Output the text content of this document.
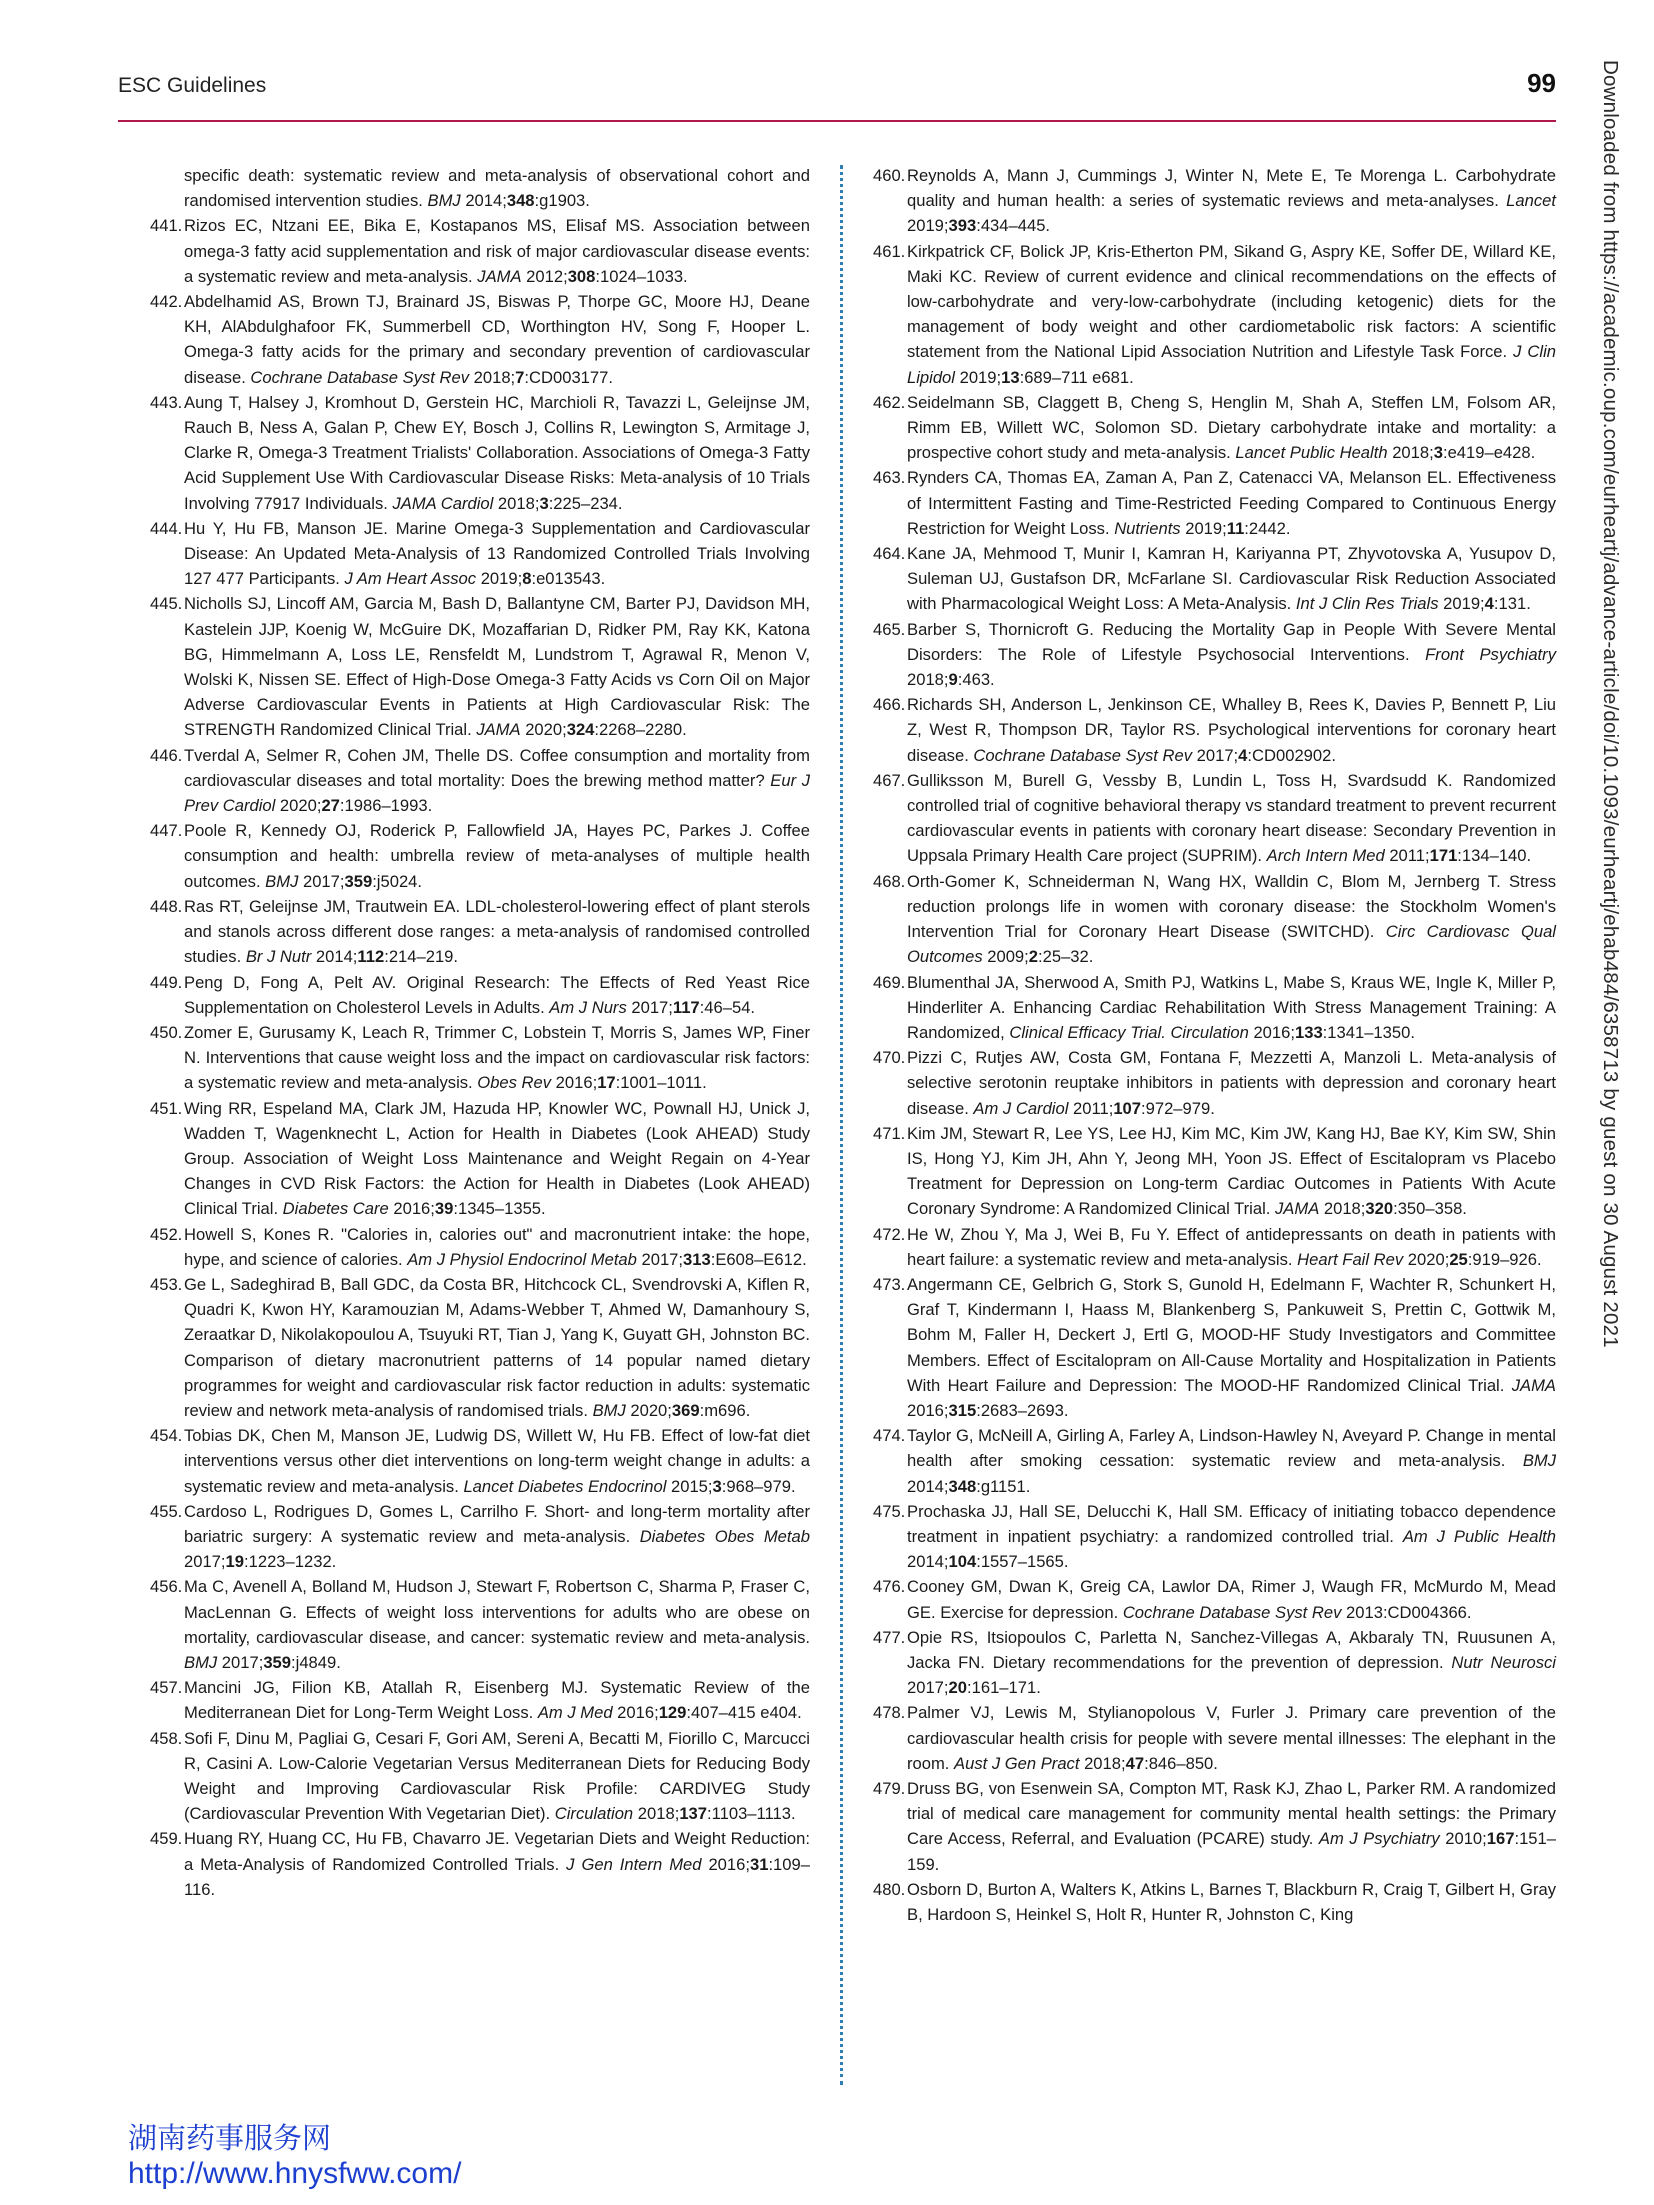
ESC Guidelines	99
specific death: systematic review and meta-analysis of observational cohort and randomised intervention studies. BMJ 2014;348:g1903.
441. Rizos EC, Ntzani EE, Bika E, Kostapanos MS, Elisaf MS. Association between omega-3 fatty acid supplementation and risk of major cardiovascular disease events: a systematic review and meta-analysis. JAMA 2012;308:1024–1033.
442. Abdelhamid AS, Brown TJ, Brainard JS, Biswas P, Thorpe GC, Moore HJ, Deane KH, AlAbdulghafoor FK, Summerbell CD, Worthington HV, Song F, Hooper L. Omega-3 fatty acids for the primary and secondary prevention of cardiovascular disease. Cochrane Database Syst Rev 2018;7:CD003177.
443. Aung T, Halsey J, Kromhout D, Gerstein HC, Marchioli R, Tavazzi L, Geleijnse JM, Rauch B, Ness A, Galan P, Chew EY, Bosch J, Collins R, Lewington S, Armitage J, Clarke R, Omega-3 Treatment Trialists' Collaboration. Associations of Omega-3 Fatty Acid Supplement Use With Cardiovascular Disease Risks: Meta-analysis of 10 Trials Involving 77917 Individuals. JAMA Cardiol 2018;3:225–234.
444. Hu Y, Hu FB, Manson JE. Marine Omega-3 Supplementation and Cardiovascular Disease: An Updated Meta-Analysis of 13 Randomized Controlled Trials Involving 127 477 Participants. J Am Heart Assoc 2019;8:e013543.
445. Nicholls SJ, Lincoff AM, Garcia M, Bash D, Ballantyne CM, Barter PJ, Davidson MH, Kastelein JJP, Koenig W, McGuire DK, Mozaffarian D, Ridker PM, Ray KK, Katona BG, Himmelmann A, Loss LE, Rensfeldt M, Lundstrom T, Agrawal R, Menon V, Wolski K, Nissen SE. Effect of High-Dose Omega-3 Fatty Acids vs Corn Oil on Major Adverse Cardiovascular Events in Patients at High Cardiovascular Risk: The STRENGTH Randomized Clinical Trial. JAMA 2020;324:2268–2280.
446. Tverdal A, Selmer R, Cohen JM, Thelle DS. Coffee consumption and mortality from cardiovascular diseases and total mortality: Does the brewing method matter? Eur J Prev Cardiol 2020;27:1986–1993.
447. Poole R, Kennedy OJ, Roderick P, Fallowfield JA, Hayes PC, Parkes J. Coffee consumption and health: umbrella review of meta-analyses of multiple health outcomes. BMJ 2017;359:j5024.
448. Ras RT, Geleijnse JM, Trautwein EA. LDL-cholesterol-lowering effect of plant sterols and stanols across different dose ranges: a meta-analysis of randomised controlled studies. Br J Nutr 2014;112:214–219.
449. Peng D, Fong A, Pelt AV. Original Research: The Effects of Red Yeast Rice Supplementation on Cholesterol Levels in Adults. Am J Nurs 2017;117:46–54.
450. Zomer E, Gurusamy K, Leach R, Trimmer C, Lobstein T, Morris S, James WP, Finer N. Interventions that cause weight loss and the impact on cardiovascular risk factors: a systematic review and meta-analysis. Obes Rev 2016;17:1001–1011.
451. Wing RR, Espeland MA, Clark JM, Hazuda HP, Knowler WC, Pownall HJ, Unick J, Wadden T, Wagenknecht L, Action for Health in Diabetes (Look AHEAD) Study Group. Association of Weight Loss Maintenance and Weight Regain on 4-Year Changes in CVD Risk Factors: the Action for Health in Diabetes (Look AHEAD) Clinical Trial. Diabetes Care 2016;39:1345–1355.
452. Howell S, Kones R. "Calories in, calories out" and macronutrient intake: the hope, hype, and science of calories. Am J Physiol Endocrinol Metab 2017;313:E608–E612.
453. Ge L, Sadeghirad B, Ball GDC, da Costa BR, Hitchcock CL, Svendrovski A, Kiflen R, Quadri K, Kwon HY, Karamouzian M, Adams-Webber T, Ahmed W, Damanhoury S, Zeraatkar D, Nikolakopoulou A, Tsuyuki RT, Tian J, Yang K, Guyatt GH, Johnston BC. Comparison of dietary macronutrient patterns of 14 popular named dietary programmes for weight and cardiovascular risk factor reduction in adults: systematic review and network meta-analysis of randomised trials. BMJ 2020;369:m696.
454. Tobias DK, Chen M, Manson JE, Ludwig DS, Willett W, Hu FB. Effect of low-fat diet interventions versus other diet interventions on long-term weight change in adults: a systematic review and meta-analysis. Lancet Diabetes Endocrinol 2015;3:968–979.
455. Cardoso L, Rodrigues D, Gomes L, Carrilho F. Short- and long-term mortality after bariatric surgery: A systematic review and meta-analysis. Diabetes Obes Metab 2017;19:1223–1232.
456. Ma C, Avenell A, Bolland M, Hudson J, Stewart F, Robertson C, Sharma P, Fraser C, MacLennan G. Effects of weight loss interventions for adults who are obese on mortality, cardiovascular disease, and cancer: systematic review and meta-analysis. BMJ 2017;359:j4849.
457. Mancini JG, Filion KB, Atallah R, Eisenberg MJ. Systematic Review of the Mediterranean Diet for Long-Term Weight Loss. Am J Med 2016;129:407–415 e404.
458. Sofi F, Dinu M, Pagliai G, Cesari F, Gori AM, Sereni A, Becatti M, Fiorillo C, Marcucci R, Casini A. Low-Calorie Vegetarian Versus Mediterranean Diets for Reducing Body Weight and Improving Cardiovascular Risk Profile: CARDIVEG Study (Cardiovascular Prevention With Vegetarian Diet). Circulation 2018;137:1103–1113.
459. Huang RY, Huang CC, Hu FB, Chavarro JE. Vegetarian Diets and Weight Reduction: a Meta-Analysis of Randomized Controlled Trials. J Gen Intern Med 2016;31:109–116.
460. Reynolds A, Mann J, Cummings J, Winter N, Mete E, Te Morenga L. Carbohydrate quality and human health: a series of systematic reviews and meta-analyses. Lancet 2019;393:434–445.
461. Kirkpatrick CF, Bolick JP, Kris-Etherton PM, Sikand G, Aspry KE, Soffer DE, Willard KE, Maki KC. Review of current evidence and clinical recommendations on the effects of low-carbohydrate and very-low-carbohydrate (including ketogenic) diets for the management of body weight and other cardiometabolic risk factors: A scientific statement from the National Lipid Association Nutrition and Lifestyle Task Force. J Clin Lipidol 2019;13:689–711 e681.
462. Seidelmann SB, Claggett B, Cheng S, Henglin M, Shah A, Steffen LM, Folsom AR, Rimm EB, Willett WC, Solomon SD. Dietary carbohydrate intake and mortality: a prospective cohort study and meta-analysis. Lancet Public Health 2018;3:e419–e428.
463. Rynders CA, Thomas EA, Zaman A, Pan Z, Catenacci VA, Melanson EL. Effectiveness of Intermittent Fasting and Time-Restricted Feeding Compared to Continuous Energy Restriction for Weight Loss. Nutrients 2019;11:2442.
464. Kane JA, Mehmood T, Munir I, Kamran H, Kariyanna PT, Zhyvotovska A, Yusupov D, Suleman UJ, Gustafson DR, McFarlane SI. Cardiovascular Risk Reduction Associated with Pharmacological Weight Loss: A Meta-Analysis. Int J Clin Res Trials 2019;4:131.
465. Barber S, Thornicroft G. Reducing the Mortality Gap in People With Severe Mental Disorders: The Role of Lifestyle Psychosocial Interventions. Front Psychiatry 2018;9:463.
466. Richards SH, Anderson L, Jenkinson CE, Whalley B, Rees K, Davies P, Bennett P, Liu Z, West R, Thompson DR, Taylor RS. Psychological interventions for coronary heart disease. Cochrane Database Syst Rev 2017;4:CD002902.
467. Gulliksson M, Burell G, Vessby B, Lundin L, Toss H, Svardsudd K. Randomized controlled trial of cognitive behavioral therapy vs standard treatment to prevent recurrent cardiovascular events in patients with coronary heart disease: Secondary Prevention in Uppsala Primary Health Care project (SUPRIM). Arch Intern Med 2011;171:134–140.
468. Orth-Gomer K, Schneiderman N, Wang HX, Walldin C, Blom M, Jernberg T. Stress reduction prolongs life in women with coronary disease: the Stockholm Women's Intervention Trial for Coronary Heart Disease (SWITCHD). Circ Cardiovasc Qual Outcomes 2009;2:25–32.
469. Blumenthal JA, Sherwood A, Smith PJ, Watkins L, Mabe S, Kraus WE, Ingle K, Miller P, Hinderliter A. Enhancing Cardiac Rehabilitation With Stress Management Training: A Randomized, Clinical Efficacy Trial. Circulation 2016;133:1341–1350.
470. Pizzi C, Rutjes AW, Costa GM, Fontana F, Mezzetti A, Manzoli L. Meta-analysis of selective serotonin reuptake inhibitors in patients with depression and coronary heart disease. Am J Cardiol 2011;107:972–979.
471. Kim JM, Stewart R, Lee YS, Lee HJ, Kim MC, Kim JW, Kang HJ, Bae KY, Kim SW, Shin IS, Hong YJ, Kim JH, Ahn Y, Jeong MH, Yoon JS. Effect of Escitalopram vs Placebo Treatment for Depression on Long-term Cardiac Outcomes in Patients With Acute Coronary Syndrome: A Randomized Clinical Trial. JAMA 2018;320:350–358.
472. He W, Zhou Y, Ma J, Wei B, Fu Y. Effect of antidepressants on death in patients with heart failure: a systematic review and meta-analysis. Heart Fail Rev 2020;25:919–926.
473. Angermann CE, Gelbrich G, Stork S, Gunold H, Edelmann F, Wachter R, Schunkert H, Graf T, Kindermann I, Haass M, Blankenberg S, Pankuweit S, Prettin C, Gottwik M, Bohm M, Faller H, Deckert J, Ertl G, MOOD-HF Study Investigators and Committee Members. Effect of Escitalopram on All-Cause Mortality and Hospitalization in Patients With Heart Failure and Depression: The MOOD-HF Randomized Clinical Trial. JAMA 2016;315:2683–2693.
474. Taylor G, McNeill A, Girling A, Farley A, Lindson-Hawley N, Aveyard P. Change in mental health after smoking cessation: systematic review and meta-analysis. BMJ 2014;348:g1151.
475. Prochaska JJ, Hall SE, Delucchi K, Hall SM. Efficacy of initiating tobacco dependence treatment in inpatient psychiatry: a randomized controlled trial. Am J Public Health 2014;104:1557–1565.
476. Cooney GM, Dwan K, Greig CA, Lawlor DA, Rimer J, Waugh FR, McMurdo M, Mead GE. Exercise for depression. Cochrane Database Syst Rev 2013:CD004366.
477. Opie RS, Itsiopoulos C, Parletta N, Sanchez-Villegas A, Akbaraly TN, Ruusunen A, Jacka FN. Dietary recommendations for the prevention of depression. Nutr Neurosci 2017;20:161–171.
478. Palmer VJ, Lewis M, Stylianopolous V, Furler J. Primary care prevention of the cardiovascular health crisis for people with severe mental illnesses: The elephant in the room. Aust J Gen Pract 2018;47:846–850.
479. Druss BG, von Esenwein SA, Compton MT, Rask KJ, Zhao L, Parker RM. A randomized trial of medical care management for community mental health settings: the Primary Care Access, Referral, and Evaluation (PCARE) study. Am J Psychiatry 2010;167:151–159.
480. Osborn D, Burton A, Walters K, Atkins L, Barnes T, Blackburn R, Craig T, Gilbert H, Gray B, Hardoon S, Heinkel S, Holt R, Hunter R, Johnston C, King
Downloaded from https://academic.oup.com/eurheartj/advance-article/doi/10.1093/eurheartj/ehab484/6358713 by guest on 30 August 2021
湖南药事服务网
http://www.hnysfww.com/
